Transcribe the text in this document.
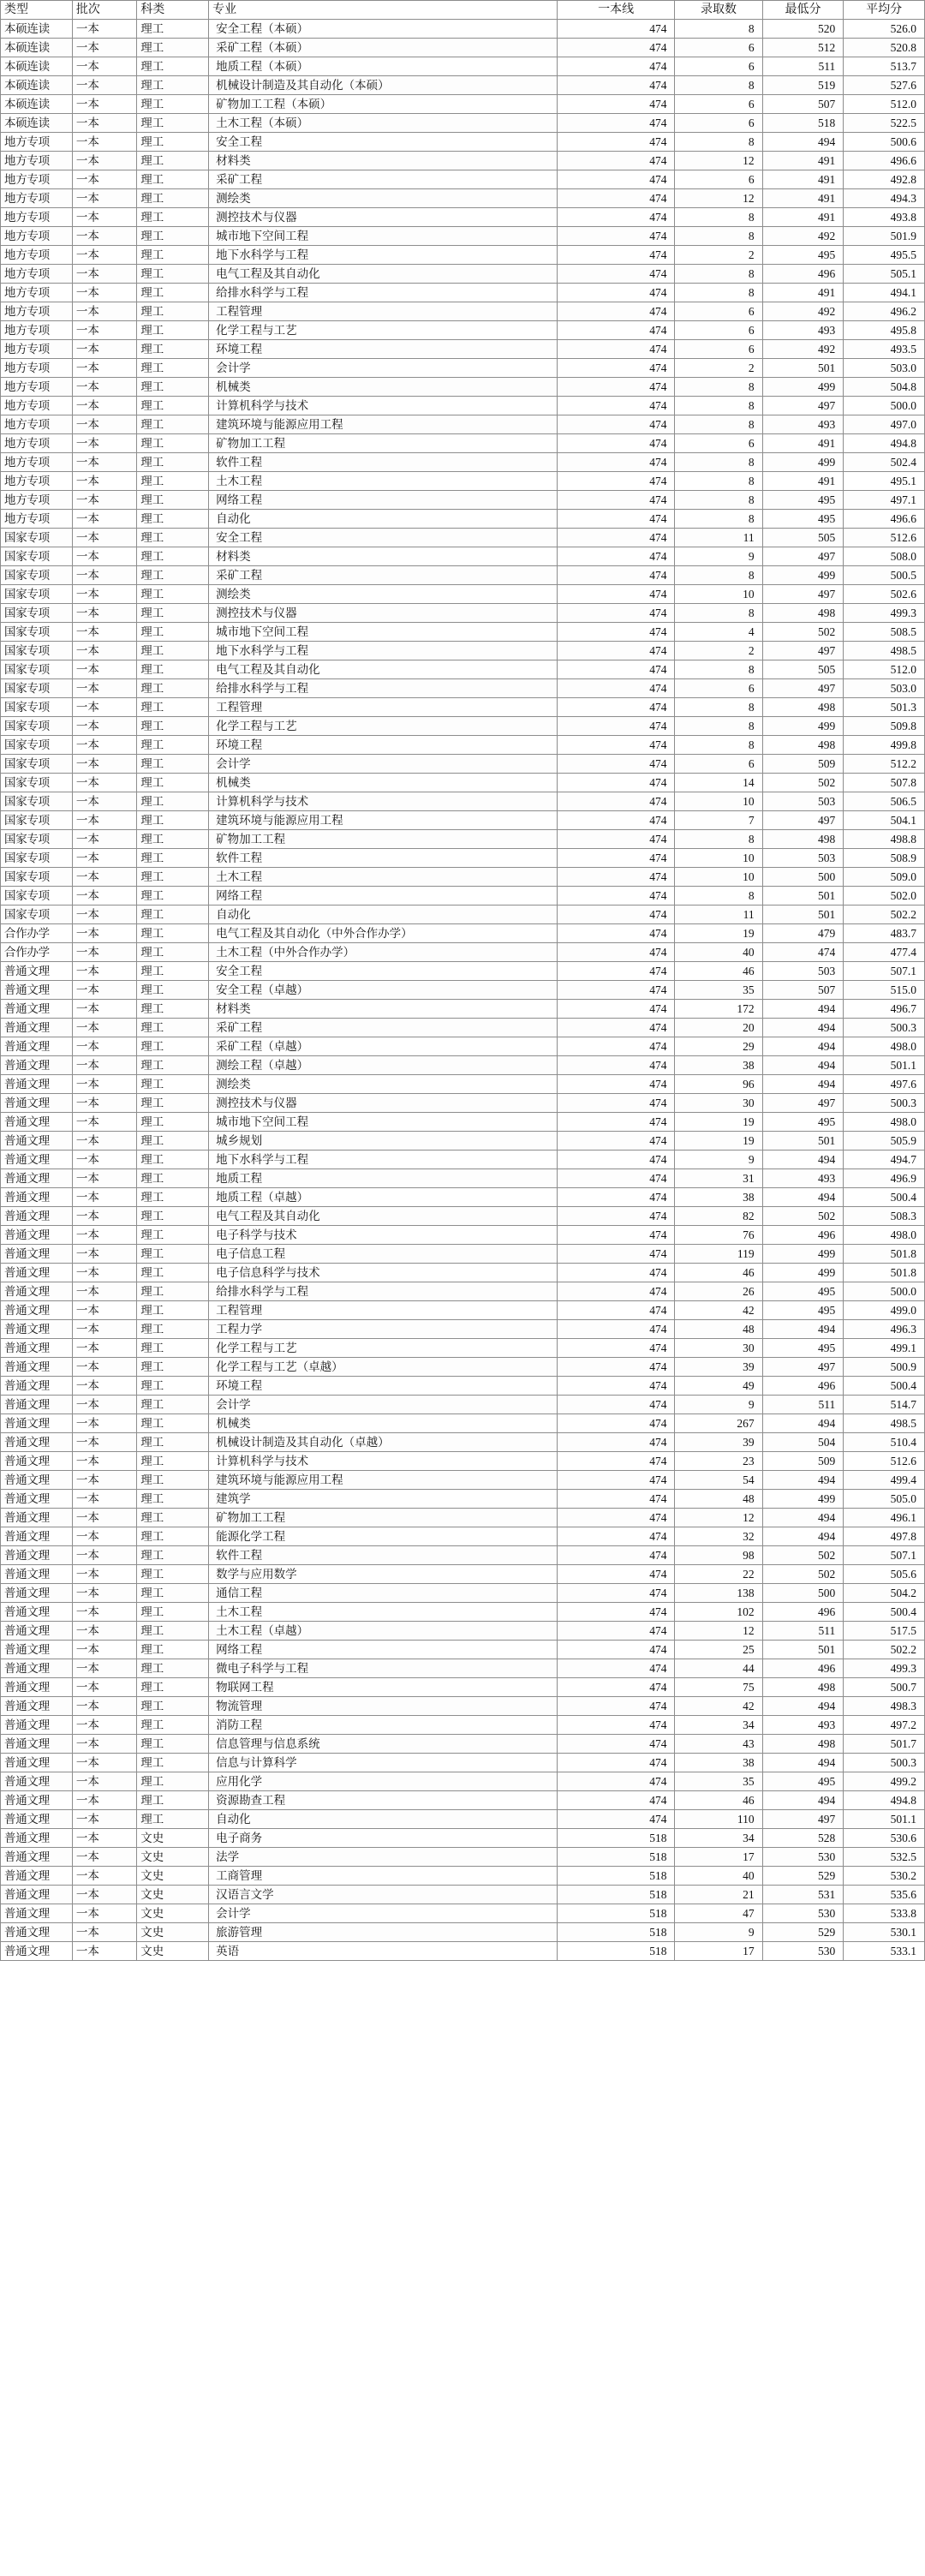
类型	批次	科类	专业	一本线	录取数	最低分	平均分
本硕连读	一本	理工	安全工程（本硕）	474	8	520	526.0
本硕连读	一本	理工	采矿工程（本硕）	474	6	512	520.8
本硕连读	一本	理工	地质工程（本硕）	474	6	511	513.7
本硕连读	一本	理工	机械设计制造及其自动化（本硕）	474	8	519	527.6
本硕连读	一本	理工	矿物加工工程（本硕）	474	6	507	512.0
本硕连读	一本	理工	土木工程（本硕）	474	6	518	522.5
地方专项	一本	理工	安全工程	474	8	494	500.6
地方专项	一本	理工	材料类	474	12	491	496.6
地方专项	一本	理工	采矿工程	474	6	491	492.8
地方专项	一本	理工	测绘类	474	12	491	494.3
地方专项	一本	理工	测控技术与仪器	474	8	491	493.8
地方专项	一本	理工	城市地下空间工程	474	8	492	501.9
地方专项	一本	理工	地下水科学与工程	474	2	495	495.5
地方专项	一本	理工	电气工程及其自动化	474	8	496	505.1
地方专项	一本	理工	给排水科学与工程	474	8	491	494.1
地方专项	一本	理工	工程管理	474	6	492	496.2
地方专项	一本	理工	化学工程与工艺	474	6	493	495.8
地方专项	一本	理工	环境工程	474	6	492	493.5
地方专项	一本	理工	会计学	474	2	501	503.0
地方专项	一本	理工	机械类	474	8	499	504.8
地方专项	一本	理工	计算机科学与技术	474	8	497	500.0
地方专项	一本	理工	建筑环境与能源应用工程	474	8	493	497.0
地方专项	一本	理工	矿物加工工程	474	6	491	494.8
地方专项	一本	理工	软件工程	474	8	499	502.4
地方专项	一本	理工	土木工程	474	8	491	495.1
地方专项	一本	理工	网络工程	474	8	495	497.1
地方专项	一本	理工	自动化	474	8	495	496.6
国家专项	一本	理工	安全工程	474	11	505	512.6
国家专项	一本	理工	材料类	474	9	497	508.0
国家专项	一本	理工	采矿工程	474	8	499	500.5
国家专项	一本	理工	测绘类	474	10	497	502.6
国家专项	一本	理工	测控技术与仪器	474	8	498	499.3
国家专项	一本	理工	城市地下空间工程	474	4	502	508.5
国家专项	一本	理工	地下水科学与工程	474	2	497	498.5
国家专项	一本	理工	电气工程及其自动化	474	8	505	512.0
国家专项	一本	理工	给排水科学与工程	474	6	497	503.0
国家专项	一本	理工	工程管理	474	8	498	501.3
国家专项	一本	理工	化学工程与工艺	474	8	499	509.8
国家专项	一本	理工	环境工程	474	8	498	499.8
国家专项	一本	理工	会计学	474	6	509	512.2
国家专项	一本	理工	机械类	474	14	502	507.8
国家专项	一本	理工	计算机科学与技术	474	10	503	506.5
国家专项	一本	理工	建筑环境与能源应用工程	474	7	497	504.1
国家专项	一本	理工	矿物加工工程	474	8	498	498.8
国家专项	一本	理工	软件工程	474	10	503	508.9
国家专项	一本	理工	土木工程	474	10	500	509.0
国家专项	一本	理工	网络工程	474	8	501	502.0
国家专项	一本	理工	自动化	474	11	501	502.2
合作办学	一本	理工	电气工程及其自动化（中外合作办学）	474	19	479	483.7
合作办学	一本	理工	土木工程（中外合作办学）	474	40	474	477.4
普通文理	一本	理工	安全工程	474	46	503	507.1
普通文理	一本	理工	安全工程（卓越）	474	35	507	515.0
普通文理	一本	理工	材料类	474	172	494	496.7
普通文理	一本	理工	采矿工程	474	20	494	500.3
普通文理	一本	理工	采矿工程（卓越）	474	29	494	498.0
普通文理	一本	理工	测绘工程（卓越）	474	38	494	501.1
普通文理	一本	理工	测绘类	474	96	494	497.6
普通文理	一本	理工	测控技术与仪器	474	30	497	500.3
普通文理	一本	理工	城市地下空间工程	474	19	495	498.0
普通文理	一本	理工	城乡规划	474	19	501	505.9
普通文理	一本	理工	地下水科学与工程	474	9	494	494.7
普通文理	一本	理工	地质工程	474	31	493	496.9
普通文理	一本	理工	地质工程（卓越）	474	38	494	500.4
普通文理	一本	理工	电气工程及其自动化	474	82	502	508.3
普通文理	一本	理工	电子科学与技术	474	76	496	498.0
普通文理	一本	理工	电子信息工程	474	119	499	501.8
普通文理	一本	理工	电子信息科学与技术	474	46	499	501.8
普通文理	一本	理工	给排水科学与工程	474	26	495	500.0
普通文理	一本	理工	工程管理	474	42	495	499.0
普通文理	一本	理工	工程力学	474	48	494	496.3
普通文理	一本	理工	化学工程与工艺	474	30	495	499.1
普通文理	一本	理工	化学工程与工艺（卓越）	474	39	497	500.9
普通文理	一本	理工	环境工程	474	49	496	500.4
普通文理	一本	理工	会计学	474	9	511	514.7
普通文理	一本	理工	机械类	474	267	494	498.5
普通文理	一本	理工	机械设计制造及其自动化（卓越）	474	39	504	510.4
普通文理	一本	理工	计算机科学与技术	474	23	509	512.6
普通文理	一本	理工	建筑环境与能源应用工程	474	54	494	499.4
普通文理	一本	理工	建筑学	474	48	499	505.0
普通文理	一本	理工	矿物加工工程	474	12	494	496.1
普通文理	一本	理工	能源化学工程	474	32	494	497.8
普通文理	一本	理工	软件工程	474	98	502	507.1
普通文理	一本	理工	数学与应用数学	474	22	502	505.6
普通文理	一本	理工	通信工程	474	138	500	504.2
普通文理	一本	理工	土木工程	474	102	496	500.4
普通文理	一本	理工	土木工程（卓越）	474	12	511	517.5
普通文理	一本	理工	网络工程	474	25	501	502.2
普通文理	一本	理工	微电子科学与工程	474	44	496	499.3
普通文理	一本	理工	物联网工程	474	75	498	500.7
普通文理	一本	理工	物流管理	474	42	494	498.3
普通文理	一本	理工	消防工程	474	34	493	497.2
普通文理	一本	理工	信息管理与信息系统	474	43	498	501.7
普通文理	一本	理工	信息与计算科学	474	38	494	500.3
普通文理	一本	理工	应用化学	474	35	495	499.2
普通文理	一本	理工	资源勘查工程	474	46	494	494.8
普通文理	一本	理工	自动化	474	110	497	501.1
普通文理	一本	文史	电子商务	518	34	528	530.6
普通文理	一本	文史	法学	518	17	530	532.5
普通文理	一本	文史	工商管理	518	40	529	530.2
普通文理	一本	文史	汉语言文学	518	21	531	535.6
普通文理	一本	文史	会计学	518	47	530	533.8
普通文理	一本	文史	旅游管理	518	9	529	530.1
普通文理	一本	文史	英语	518	17	530	533.1
